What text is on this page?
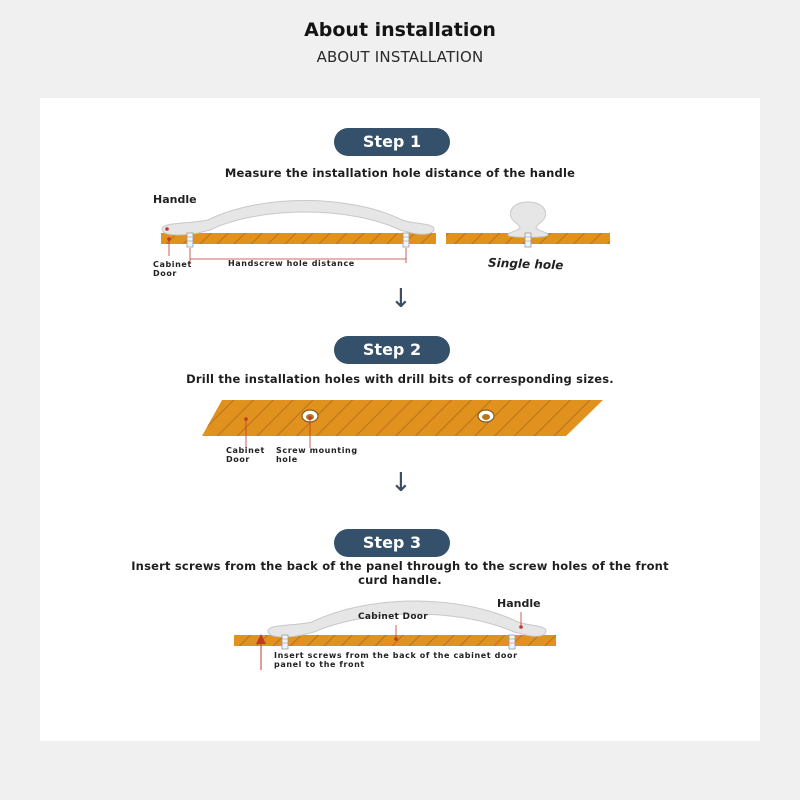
About installation
ABOUT INSTALLATION
Step 1
Measure the installation hole distance of the handle
Handle
Cabinet
Door
Handscrew hole distance	Single hole
↓
Step 2
Drill the installation holes with drill bits of corresponding sizes.
Cabinet
Door
Screw mounting
hole
↓
Step 3
Insert screws from the back of the panel through to the screw holes of the front
curd handle.
Handle
Cabinet Door
Insert screws from the back of the cabinet door
panel to the front
